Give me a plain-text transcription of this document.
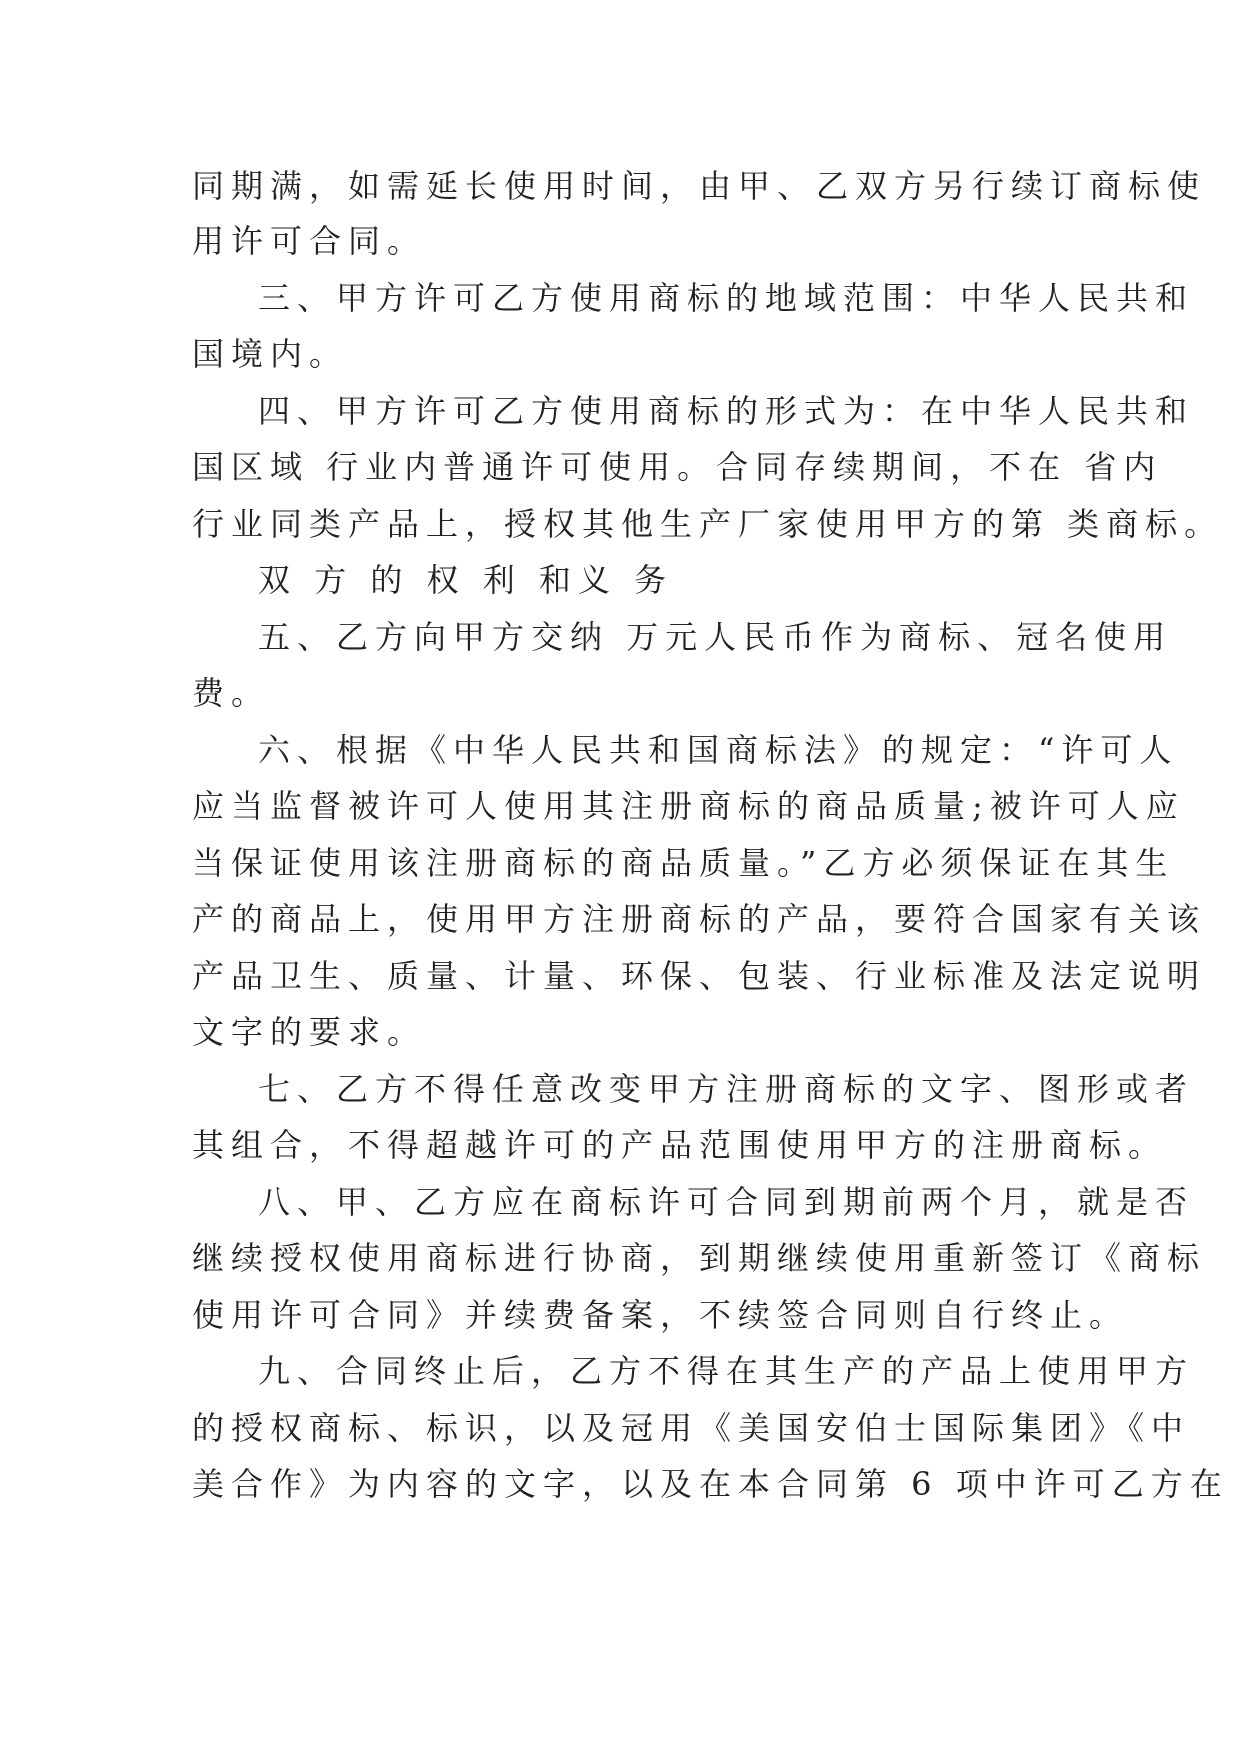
同期满，如需延长使用时间，由甲、乙双方另行续订商标使
用许可合同。
三、甲方许可乙方使用商标的地域范围：中华人民共和
国境内。
四、甲方许可乙方使用商标的形式为：在中华人民共和
国区域 行业内普通许可使用。合同存续期间，不在 省内
行业同类产品上，授权其他生产厂家使用甲方的第 类商标。
双 方 的 权 利 和义 务
五、乙方向甲方交纳 万元人民币作为商标、冠名使用
费。
六、根据《中华人民共和国商标法》的规定：“许可人
应当监督被许可人使用其注册商标的商品质量;被许可人应
当保证使用该注册商标的商品质量。”乙方必须保证在其生
产的商品上，使用甲方注册商标的产品，要符合国家有关该
产品卫生、质量、计量、环保、包装、行业标准及法定说明
文字的要求。
七、乙方不得任意改变甲方注册商标的文字、图形或者
其组合，不得超越许可的产品范围使用甲方的注册商标。
八、甲、乙方应在商标许可合同到期前两个月，就是否
继续授权使用商标进行协商，到期继续使用重新签订《商标
使用许可合同》并续费备案，不续签合同则自行终止。
九、合同终止后，乙方不得在其生产的产品上使用甲方
的授权商标、标识，以及冠用《美国安伯士国际集团》《中
美合作》为内容的文字，以及在本合同第 6 项中许可乙方在
